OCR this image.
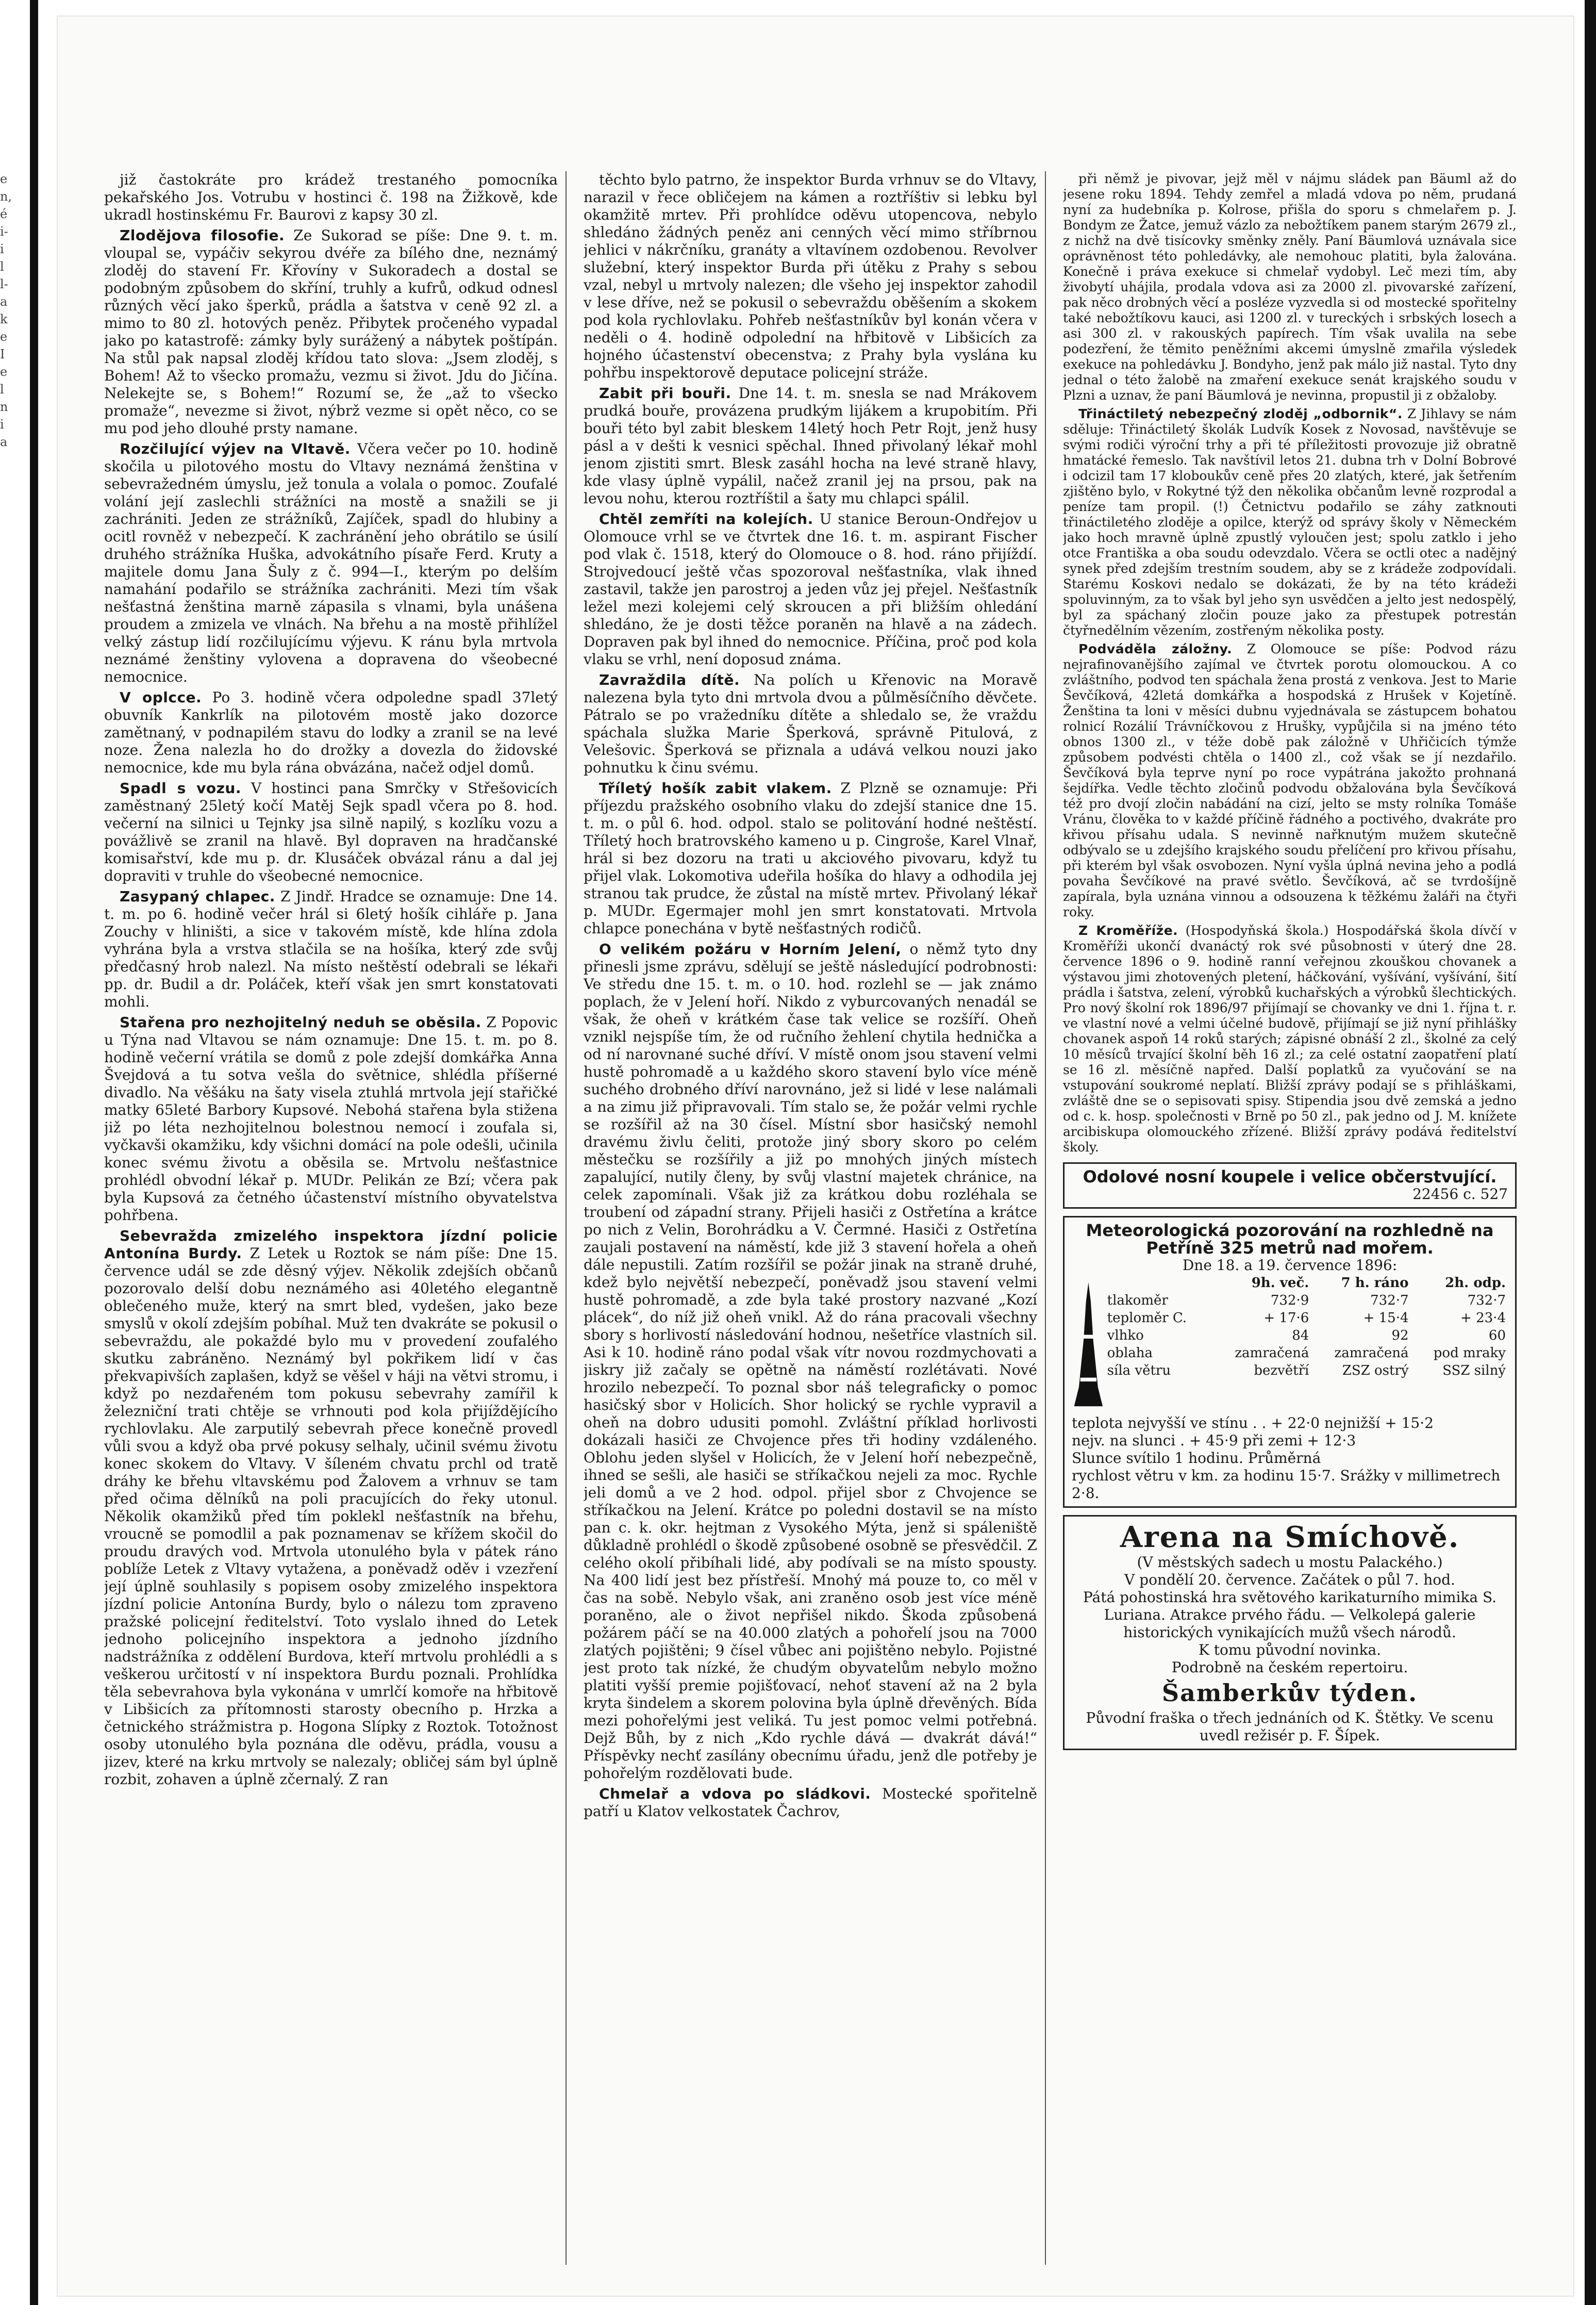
e
n,
é
i-
i
l
l-
a
k
e
I
e
l
n
i
a

již častokráte pro krádež trestaného pomocníka pekařského Jos. Votrubu v hostinci č. 198 na Žižkově, kde ukradl hostinskému Fr. Baurovi z kapsy 30 zl.

Zlodějova filosofie. Ze Sukorad se píše: Dne 9. t. m. vloupal se, vypáčiv sekyrou dvéře za bílého dne, neznámý zloděj do stavení Fr. Křovíny v Sukoradech a dostal se podobným způsobem do skříní, truhly a kufrů, odkud odnesl různých věcí jako šperků, prádla a šatstva v ceně 92 zl. a mimo to 80 zl. hotových peněz. Přibytek pročeného vypadal jako po katastrofě: zámky byly surážený a nábytek poštípán. Na stůl pak napsal zloděj křídou tato slova: „Jsem zloděj, s Bohem! Až to všecko promažu, vezmu si život. Jdu do Jičína. Nelekejte se, s Bohem!“ Rozumí se, že „až to všecko promaže“, nevezme si život, nýbrž vezme si opět něco, co se mu pod jeho dlouhé prsty namane.

Rozčilující výjev na Vltavě. Včera večer po 10. hodině skočila u pilotového mostu do Vltavy neznámá ženština v sebevražedném úmyslu, jež tonula a volala o pomoc. Zoufalé volání její zaslechli strážníci na mostě a snažili se ji zachrániti. Jeden ze strážníků, Zajíček, spadl do hlubiny a ocitl rovněž v nebezpečí. K zachránění jeho obrátilo se úsilí druhého strážníka Huška, advokátního písaře Ferd. Kruty a majitele domu Jana Šuly z č. 994—I., kterým po delším namahání podařilo se strážníka zachrániti. Mezi tím však nešťastná ženština marně zápasila s vlnami, byla unášena proudem a zmizela ve vlnách. Na břehu a na mostě přihlížel velký zástup lidí rozčilujícímu výjevu. K ránu byla mrtvola neznámé ženštiny vylovena a dopravena do všeobecné nemocnice.

V oplcce. Po 3. hodině včera odpoledne spadl 37letý obuvník Kankrlík na pilotovém mostě jako dozorce zamětnaný, v podnapilém stavu do lodky a zranil se na levé noze. Žena nalezla ho do drožky a dovezla do židovské nemocnice, kde mu byla rána obvázána, načež odjel domů.

Spadl s vozu. V hostinci pana Smrčky v Střešovicích zaměstnaný 25letý kočí Matěj Sejk spadl včera po 8. hod. večerní na silnici u Tejnky jsa silně napilý, s kozlíku vozu a povážlivě se zranil na hlavě. Byl dopraven na hradčanské komisařství, kde mu p. dr. Klusáček obvázal ránu a dal jej dopraviti v truhle do všeobecné nemocnice.

Zasypaný chlapec. Z Jindř. Hradce se oznamuje: Dne 14. t. m. po 6. hodině večer hrál si 6letý hošík cihláře p. Jana Zouchy v hliništi, a sice v takovém místě, kde hlína zdola vyhrána byla a vrstva stlačila se na hošíka, který zde svůj předčasný hrob nalezl. Na místo neštěstí odebrali se lékaři pp. dr. Budil a dr. Poláček, kteří však jen smrt konstatovati mohli.

Stařena pro nezhojitelný neduh se oběsila. Z Popovic u Týna nad Vltavou se nám oznamuje: Dne 15. t. m. po 8. hodině večerní vrátila se domů z pole zdejší domkářka Anna Švejdová a tu sotva vešla do světnice, shlédla příšerné divadlo. Na věšáku na šaty visela ztuhlá mrtvola její stařičké matky 65leté Barbory Kupsové. Nebohá stařena byla stižena již po léta nezhojitelnou bolestnou nemocí i zoufala si, vyčkavši okamžiku, kdy všichni domácí na pole odešli, učinila konec svému životu a oběsila se. Mrtvolu nešťastnice prohlédl obvodní lékař p. MUDr. Pelikán ze Bzí; včera pak byla Kupsová za četného účastenství místního obyvatelstva pohřbena.

Sebevražda zmizelého inspektora jízdní policie Antonína Burdy. Z Letek u Roztok se nám píše: Dne 15. července udál se zde děsný výjev. Několik zdejších občanů pozorovalo delší dobu neznámého asi 40letého elegantně oblečeného muže, který na smrt bled, vydešen, jako beze smyslů v okolí zdejším pobíhal. Muž ten dvakráte se pokusil o sebevraždu, ale pokaždé bylo mu v provedení zoufalého skutku zabráněno. Neznámý byl pokřikem lidí v čas překvapivších zaplašen, když se věšel v háji na větvi stromu, i když po nezdařeném tom pokusu sebevrahy zamířil k železniční trati chtěje se vrhnouti pod kola přijíždějícího rychlovlaku. Ale zarputilý sebevrah přece konečně provedl vůli svou a když oba prvé pokusy selhaly, učinil svému životu konec skokem do Vltavy. V šíleném chvatu prchl od tratě dráhy ke břehu vltavskému pod Žalovem a vrhnuv se tam před očima dělníků na poli pracujících do řeky utonul. Několik okamžiků před tím poklekl nešťastník na břehu, vroucně se pomodlil a pak poznamenav se křížem skočil do proudu dravých vod. Mrtvola utonulého byla v pátek ráno poblíže Letek z Vltavy vytažena, a poněvadž oděv i vzezření její úplně souhlasily s popisem osoby zmizelého inspektora jízdní policie Antonína Burdy, bylo o nálezu tom zpraveno pražské policejní ředitelství. Toto vyslalo ihned do Letek jednoho policejního inspektora a jednoho jízdního nadstrážníka z oddělení Burdova, kteří mrtvolu prohlédli a s veškerou určitostí v ní inspektora Burdu poznali. Prohlídka těla sebevrahova byla vykonána v umrlčí komoře na hřbitově v Libšicích za přítomnosti starosty obecního p. Hrzka a četnického strážmistra p. Hogona Slípky z Roztok. Totožnost osoby utonulého byla poznána dle oděvu, prádla, vousu a jizev, které na krku mrtvoly se nalezaly; obličej sám byl úplně rozbit, zohaven a úplně zčernalý. Z ran

těchto bylo patrno, že inspektor Burda vrhnuv se do Vltavy, narazil v řece obličejem na kámen a roztříštiv si lebku byl okamžitě mrtev. Při prohlídce oděvu utopencova, nebylo shledáno žádných peněz ani cenných věcí mimo stříbrnou jehlici v nákrčníku, granáty a vltavínem ozdobenou. Revolver služební, který inspektor Burda při útěku z Prahy s sebou vzal, nebyl u mrtvoly nalezen; dle všeho jej inspektor zahodil v lese dříve, než se pokusil o sebevraždu oběšením a skokem pod kola rychlovlaku. Pohřeb nešťastníkův byl konán včera v neděli o 4. hodině odpolední na hřbitově v Libšicích za hojného účastenství obecenstva; z Prahy byla vyslána ku pohřbu inspektorově deputace policejní stráže.

Zabit při bouři. Dne 14. t. m. snesla se nad Mrákovem prudká bouře, provázena prudkým lijákem a krupobitím. Při bouři této byl zabit bleskem 14letý hoch Petr Rojt, jenž husy pásl a v dešti k vesnici spěchal. Ihned přivolaný lékař mohl jenom zjistiti smrt. Blesk zasáhl hocha na levé straně hlavy, kde vlasy úplně vypálil, načež zranil jej na prsou, pak na levou nohu, kterou roztříštil a šaty mu chlapci spálil.

Chtěl zemříti na kolejích. U stanice Beroun-Ondřejov u Olomouce vrhl se ve čtvrtek dne 16. t. m. aspirant Fischer pod vlak č. 1518, který do Olomouce o 8. hod. ráno přijíždí. Strojvedoucí ještě včas spozoroval nešťastníka, vlak ihned zastavil, takže jen parostroj a jeden vůz jej přejel. Nešťastník ležel mezi kolejemi celý skroucen a při bližším ohledání shledáno, že je dosti těžce poraněn na hlavě a na zádech. Dopraven pak byl ihned do nemocnice. Příčina, proč pod kola vlaku se vrhl, není doposud známa.

Zavraždila dítě. Na polích u Křenovic na Moravě nalezena byla tyto dni mrtvola dvou a půlměsíčního děvčete. Pátralo se po vražedníku dítěte a shledalo se, že vraždu spáchala služka Marie Šperková, správně Pitulová, z Velešovic. Šperková se přiznala a udává velkou nouzi jako pohnutku k činu svému.

Tříletý hošík zabit vlakem. Z Plzně se oznamuje: Při příjezdu pražského osobního vlaku do zdejší stanice dne 15. t. m. o půl 6. hod. odpol. stalo se politování hodné neštěstí. Tříletý hoch bratrovského kameno u p. Cingroše, Karel Vlnař, hrál si bez dozoru na trati u akciového pivovaru, když tu přijel vlak. Lokomotiva udeřila hošíka do hlavy a odhodila jej stranou tak prudce, že zůstal na místě mrtev. Přivolaný lékař p. MUDr. Egermajer mohl jen smrt konstatovati. Mrtvola chlapce ponechána v bytě nešťastných rodičů.

O velikém požáru v Horním Jelení, o němž tyto dny přinesli jsme zprávu, sdělují se ještě následující podrobnosti: Ve středu dne 15. t. m. o 10. hod. rozlehl se — jak známo poplach, že v Jelení hoří. Nikdo z vyburcovaných nenadál se však, že oheň v krátkém čase tak velice se rozšíří. Oheň vznikl nejspíše tím, že od ručního žehlení chytila hednička a od ní narovnané suché dříví. V místě onom jsou stavení velmi hustě pohromadě a u každého skoro stavení bylo více méně suchého drobného dříví narovnáno, jež si lidé v lese nalámali a na zimu již připravovali. Tím stalo se, že požár velmi rychle se rozšířil až na 30 čísel. Místní sbor hasičský nemohl dravému živlu čeliti, protože jiný sbory skoro po celém městečku se rozšířily a již po mnohých jiných místech zapalující, nutily členy, by svůj vlastní majetek chránice, na celek zapomínali. Však již za krátkou dobu rozléhala se troubení od západní strany. Přijeli hasiči z Ostřetína a krátce po nich z Velin, Borohrádku a V. Čermné. Hasiči z Ostřetína zaujali postavení na náměstí, kde již 3 stavení hořela a oheň dále nepustili. Zatím rozšířil se požár jinak na straně druhé, kdež bylo největší nebezpečí, poněvadž jsou stavení velmi hustě pohromadě, a zde byla také prostory nazvané „Kozí plácek“, do níž již oheň vnikl. Až do rána pracovali všechny sbory s horlivostí následování hodnou, nešetříce vlastních sil. Asi k 10. hodině ráno podal však vítr novou rozdmychovati a jiskry již začaly se opětně na náměstí rozlétávati. Nové hrozilo nebezpečí. To poznal sbor náš telegraficky o pomoc hasičský sbor v Holicích. Shor holický se rychle vypravil a oheň na dobro udusiti pomohl. Zvláštní příklad horlivosti dokázali hasiči ze Chvojence přes tři hodiny vzdáleného. Oblohu jeden slyšel v Holicích, že v Jelení hoří nebezpečně, ihned se sešli, ale hasiči se stříkačkou nejeli za moc. Rychle jeli domů a ve 2 hod. odpol. přijel sbor z Chvojence se stříkačkou na Jelení. Krátce po poledni dostavil se na místo pan c. k. okr. hejtman z Vysokého Mýta, jenž si spáleniště důkladně prohlédl o škodě způsobené osobně se přesvědčil. Z celého okolí přibíhali lidé, aby podívali se na místo spousty. Na 400 lidí jest bez přístřeší. Mnohý má pouze to, co měl v čas na sobě. Nebylo však, ani zraněno osob jest více méně poraněno, ale o život nepřišel nikdo. Škoda způsobená požárem páčí se na 40.000 zlatých a pohořelí jsou na 7000 zlatých pojištěni; 9 čísel vůbec ani pojištěno nebylo. Pojistné jest proto tak nízké, že chudým obyvatelům nebylo možno platiti vyšší premie pojišťovací, nehoť stavení až na 2 byla kryta šindelem a skorem polovina byla úplně dřevěných. Bída mezi pohořelými jest veliká. Tu jest pomoc velmi potřebná. Dejž Bůh, by z nich „Kdo rychle dává — dvakrát dává!“ Příspěvky nechť zasílány obecnímu úřadu, jenž dle potřeby je pohořelým rozdělovati bude.

Chmelař a vdova po sládkovi. Mostecké spořitelně patří u Klatov velkostatek Čachrov,

při němž je pivovar, jejž měl v nájmu sládek pan Bäuml až do jesene roku 1894. Tehdy zemřel a mladá vdova po něm, prudaná nyní za hudebníka p. Kolrose, přišla do sporu s chmelařem p. J. Bondym ze Žatce, jemuž vázlo za nebožtíkem panem starým 2679 zl., z nichž na dvě tisícovky směnky zněly. Paní Bäumlová uznávala sice oprávněnost této pohledávky, ale nemohouc platiti, byla žalována. Konečně i práva exekuce si chmelař vydobyl. Leč mezi tím, aby živobytí uhájila, prodala vdova asi za 2000 zl. pivovarské zařízení, pak něco drobných věcí a posléze vyzvedla si od mostecké spořitelny také nebožtíkovu kauci, asi 1200 zl. v tureckých i srbských losech a asi 300 zl. v rakouských papírech. Tím však uvalila na sebe podezření, že těmito peněžními akcemi úmyslně zmařila výsledek exekuce na pohledávku J. Bondyho, jenž pak málo již nastal. Tyto dny jednal o této žalobě na zmaření exekuce senát krajského soudu v Plzni a uznav, že paní Bäumlová je nevinna, propustil ji z obžaloby.

Třináctiletý nebezpečný zloděj „odbornik“. Z Jihlavy se nám sděluje: Třináctiletý školák Ludvík Kosek z Novosad, navštěvuje se svými rodiči výroční trhy a při té příležitosti provozuje již obratně hmatácké řemeslo. Tak navštívil letos 21. dubna trh v Dolní Bobrové i odcizil tam 17 kloboukův ceně přes 20 zlatých, které, jak šetřením zjištěno bylo, v Rokytné týž den několika občanům levně rozprodal a peníze tam propil. (!) Četnictvu podařilo se záhy zatknouti třináctiletého zloděje a opilce, kterýž od správy školy v Německém jako hoch mravně úplně zpustlý vyloučen jest; spolu zatklo i jeho otce Františka a oba soudu odevzdalo. Včera se octli otec a nadějný synek před zdejším trestním soudem, aby se z krádeže zodpovídali. Starému Koskovi nedalo se dokázati, že by na této krádeži spoluvinným, za to však byl jeho syn usvědčen a jelto jest nedospělý, byl za spáchaný zločin pouze jako za přestupek potrestán čtyřnedělním vězením, zostřeným několika posty.

Podváděla záložny. Z Olomouce se píše: Podvod rázu nejrafinovanějšího zajímal ve čtvrtek porotu olomouckou. A co zvláštního, podvod ten spáchala žena prostá z venkova. Jest to Marie Ševčíková, 42letá domkářka a hospodská z Hrušek v Kojetíně. Ženština ta loni v měsíci dubnu vyjednávala se zástupcem bohatou rolnicí Rozálií Trávníčkovou z Hrušky, vypůjčila si na jméno této obnos 1300 zl., v téže době pak záložně v Uhřičicích týmže způsobem podvésti chtěla o 1400 zl., což však se jí nezdařilo. Ševčíková byla teprve nyní po roce vypátrána jakožto prohnaná šejdířka. Vedle těchto zločinů podvodu obžalována byla Ševčíková též pro dvojí zločin nabádání na cizí, jelto se msty rolníka Tomáše Vránu, člověka to v každé příčině řádného a poctivého, dvakráte pro křivou přísahu udala. S nevinně nařknutým mužem skutečně odbývalo se u zdejšího krajského soudu přelíčení pro křivou přísahu, při kterém byl však osvobozen. Nyní vyšla úplná nevina jeho a podlá povaha Ševčíkové na pravé světlo. Ševčíková, ač se tvrdošíjně zapírala, byla uznána vinnou a odsouzena k těžkému žaláři na čtyři roky.

Z Kroměříže. (Hospodyňská škola.) Hospodářská škola dívčí v Kroměříži ukončí dvanáctý rok své působnosti v úterý dne 28. července 1896 o 9. hodině ranní veřejnou zkouškou chovanek a výstavou jimi zhotovených pletení, háčkování, vyšívání, vyšívání, šití prádla i šatstva, zelení, výrobků kuchařských a výrobků šlechtických. Pro nový školní rok 1896/97 přijímají se chovanky ve dni 1. října t. r. ve vlastní nové a velmi účelné budově, přijímají se již nyní přihlášky chovanek aspoň 14 roků starých; zápisné obnáší 2 zl., školné za celý 10 měsíců trvající školní běh 16 zl.; za celé ostatní zaopatření platí se 16 zl. měsíčně napřed. Další poplatků za vyučování se na vstupování soukromé neplatí. Bližší zprávy podají se s přihláškami, zvláště dne se o sepisovati spisy. Stipendia jsou dvě zemská a jedno od c. k. hosp. společnosti v Brně po 50 zl., pak jedno od J. M. knížete arcibiskupa olomouckého zřízené. Bližší zprávy podává ředitelství školy.

Odolové nosní koupele i velice občerstvující.
22456 c. 527
Meteorologická pozorování na rozhledně na Petříně 325 metrů nad mořem.
Dne 18. a 19. července 1896:
	9h. več.	7 h. ráno	2h. odp.
tlakoměr	732·9	732·7	732·7
teploměr C.	+ 17·6	+ 15·4	+ 23·4
vlhko	84	92	60
oblaha	zamračená	zamračená	pod mraky
síla větru	bezvětří	ZSZ ostrý	SSZ silný
teplota nejvyšší ve stínu . . + 22·0 nejnižší + 15·2
nejv. na slunci . + 45·9 při zemi + 12·3
Slunce svítilo 1 hodinu. Průměrná
rychlost větru v km. za hodinu 15·7. Srážky v millimetrech 2·8.
Arena na Smíchově.
(V městských sadech u mostu Palackého.)
V pondělí 20. července. Začátek o půl 7. hod.
Pátá pohostinská hra světového karikaturního mimika S. Luriana. Atrakce prvého řádu. — Velkolepá galerie historických vynikajících mužů všech národů.
K tomu původní novinka.
Podrobně na českém repertoiru.
Šamberkův týden.
Původní fraška o třech jednáních od K. Štětky. Ve scenu uvedl režisér p. F. Šípek.
